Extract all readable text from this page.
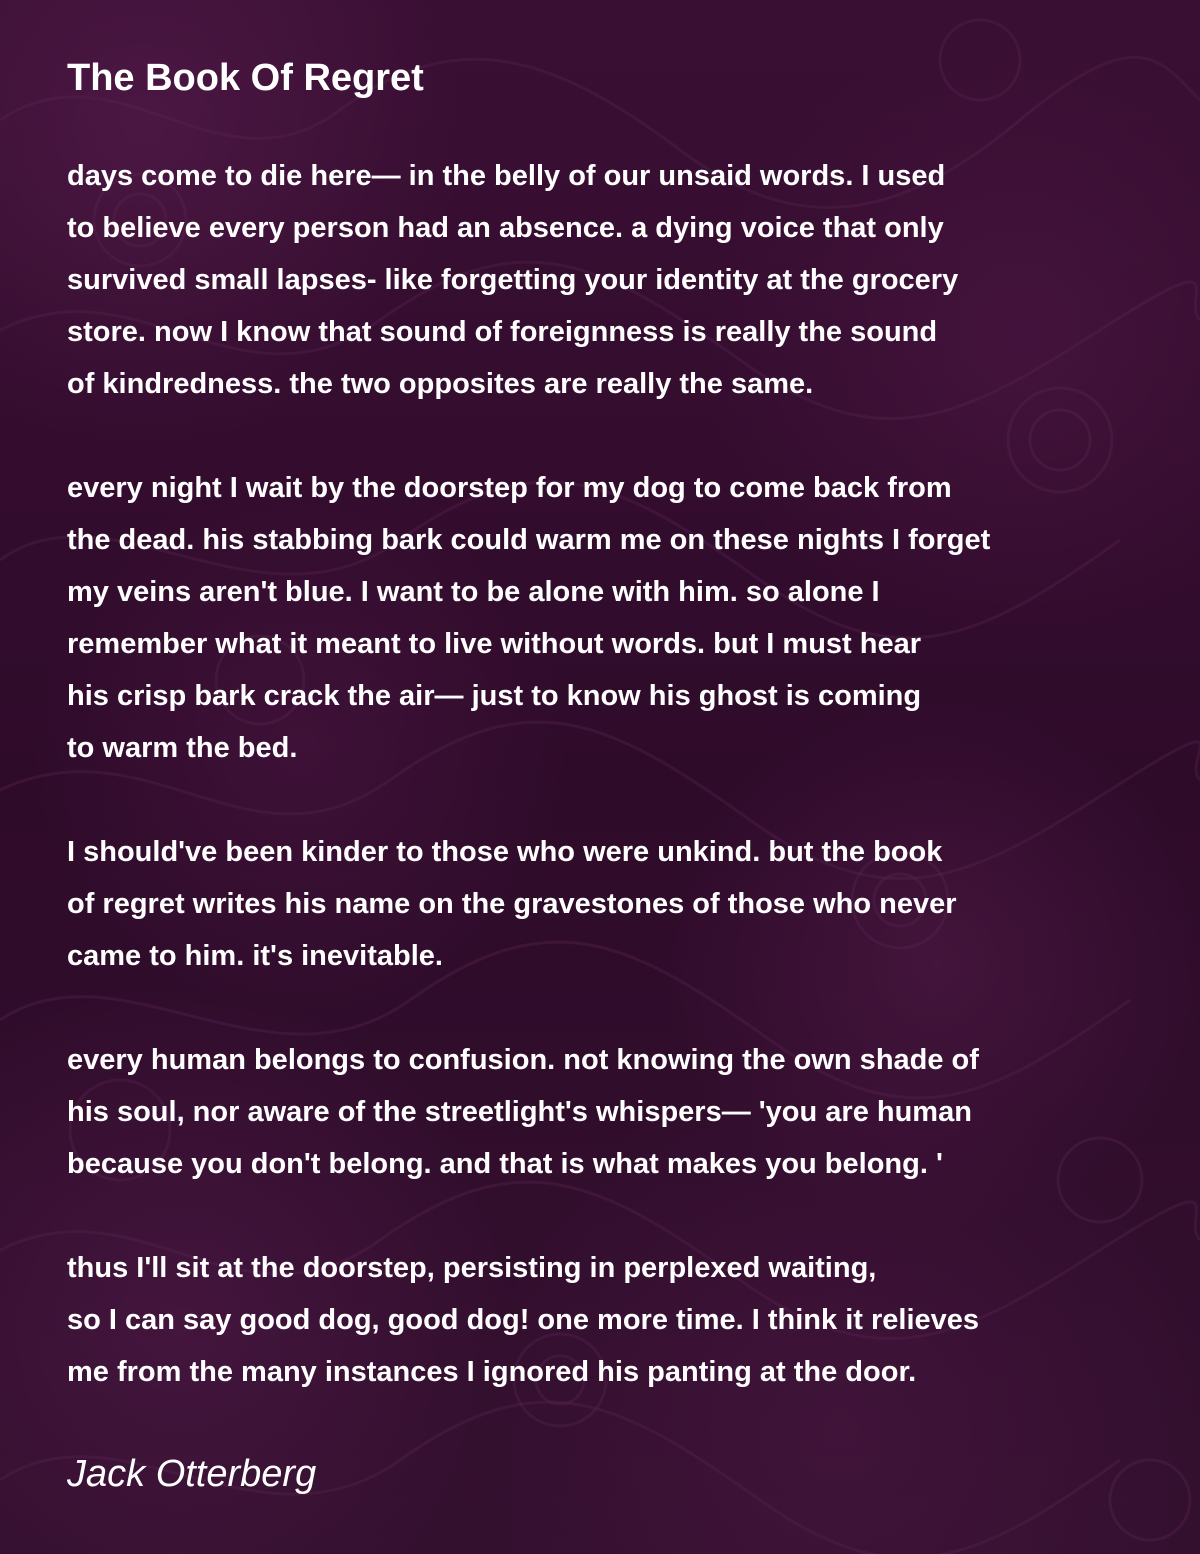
The Book Of Regret

days come to die here— in the belly of our unsaid words. I used
to believe every person had an absence. a dying voice that only
survived small lapses- like forgetting your identity at the grocery
store. now I know that sound of foreignness is really the sound
of kindredness. the two opposites are really the same.

every night I wait by the doorstep for my dog to come back from
the dead. his stabbing bark could warm me on these nights I forget
my veins aren't blue. I want to be alone with him. so alone I
remember what it meant to live without words. but I must hear
his crisp bark crack the air— just to know his ghost is coming
to warm the bed.

I should've been kinder to those who were unkind. but the book
of regret writes his name on the gravestones of those who never
came to him. it's inevitable.

every human belongs to confusion. not knowing the own shade of
his soul, nor aware of the streetlight's whispers— 'you are human
because you don't belong. and that is what makes you belong. '

thus I'll sit at the doorstep, persisting in perplexed waiting,
so I can say good dog, good dog! one more time. I think it relieves
me from the many instances I ignored his panting at the door.

Jack Otterberg
